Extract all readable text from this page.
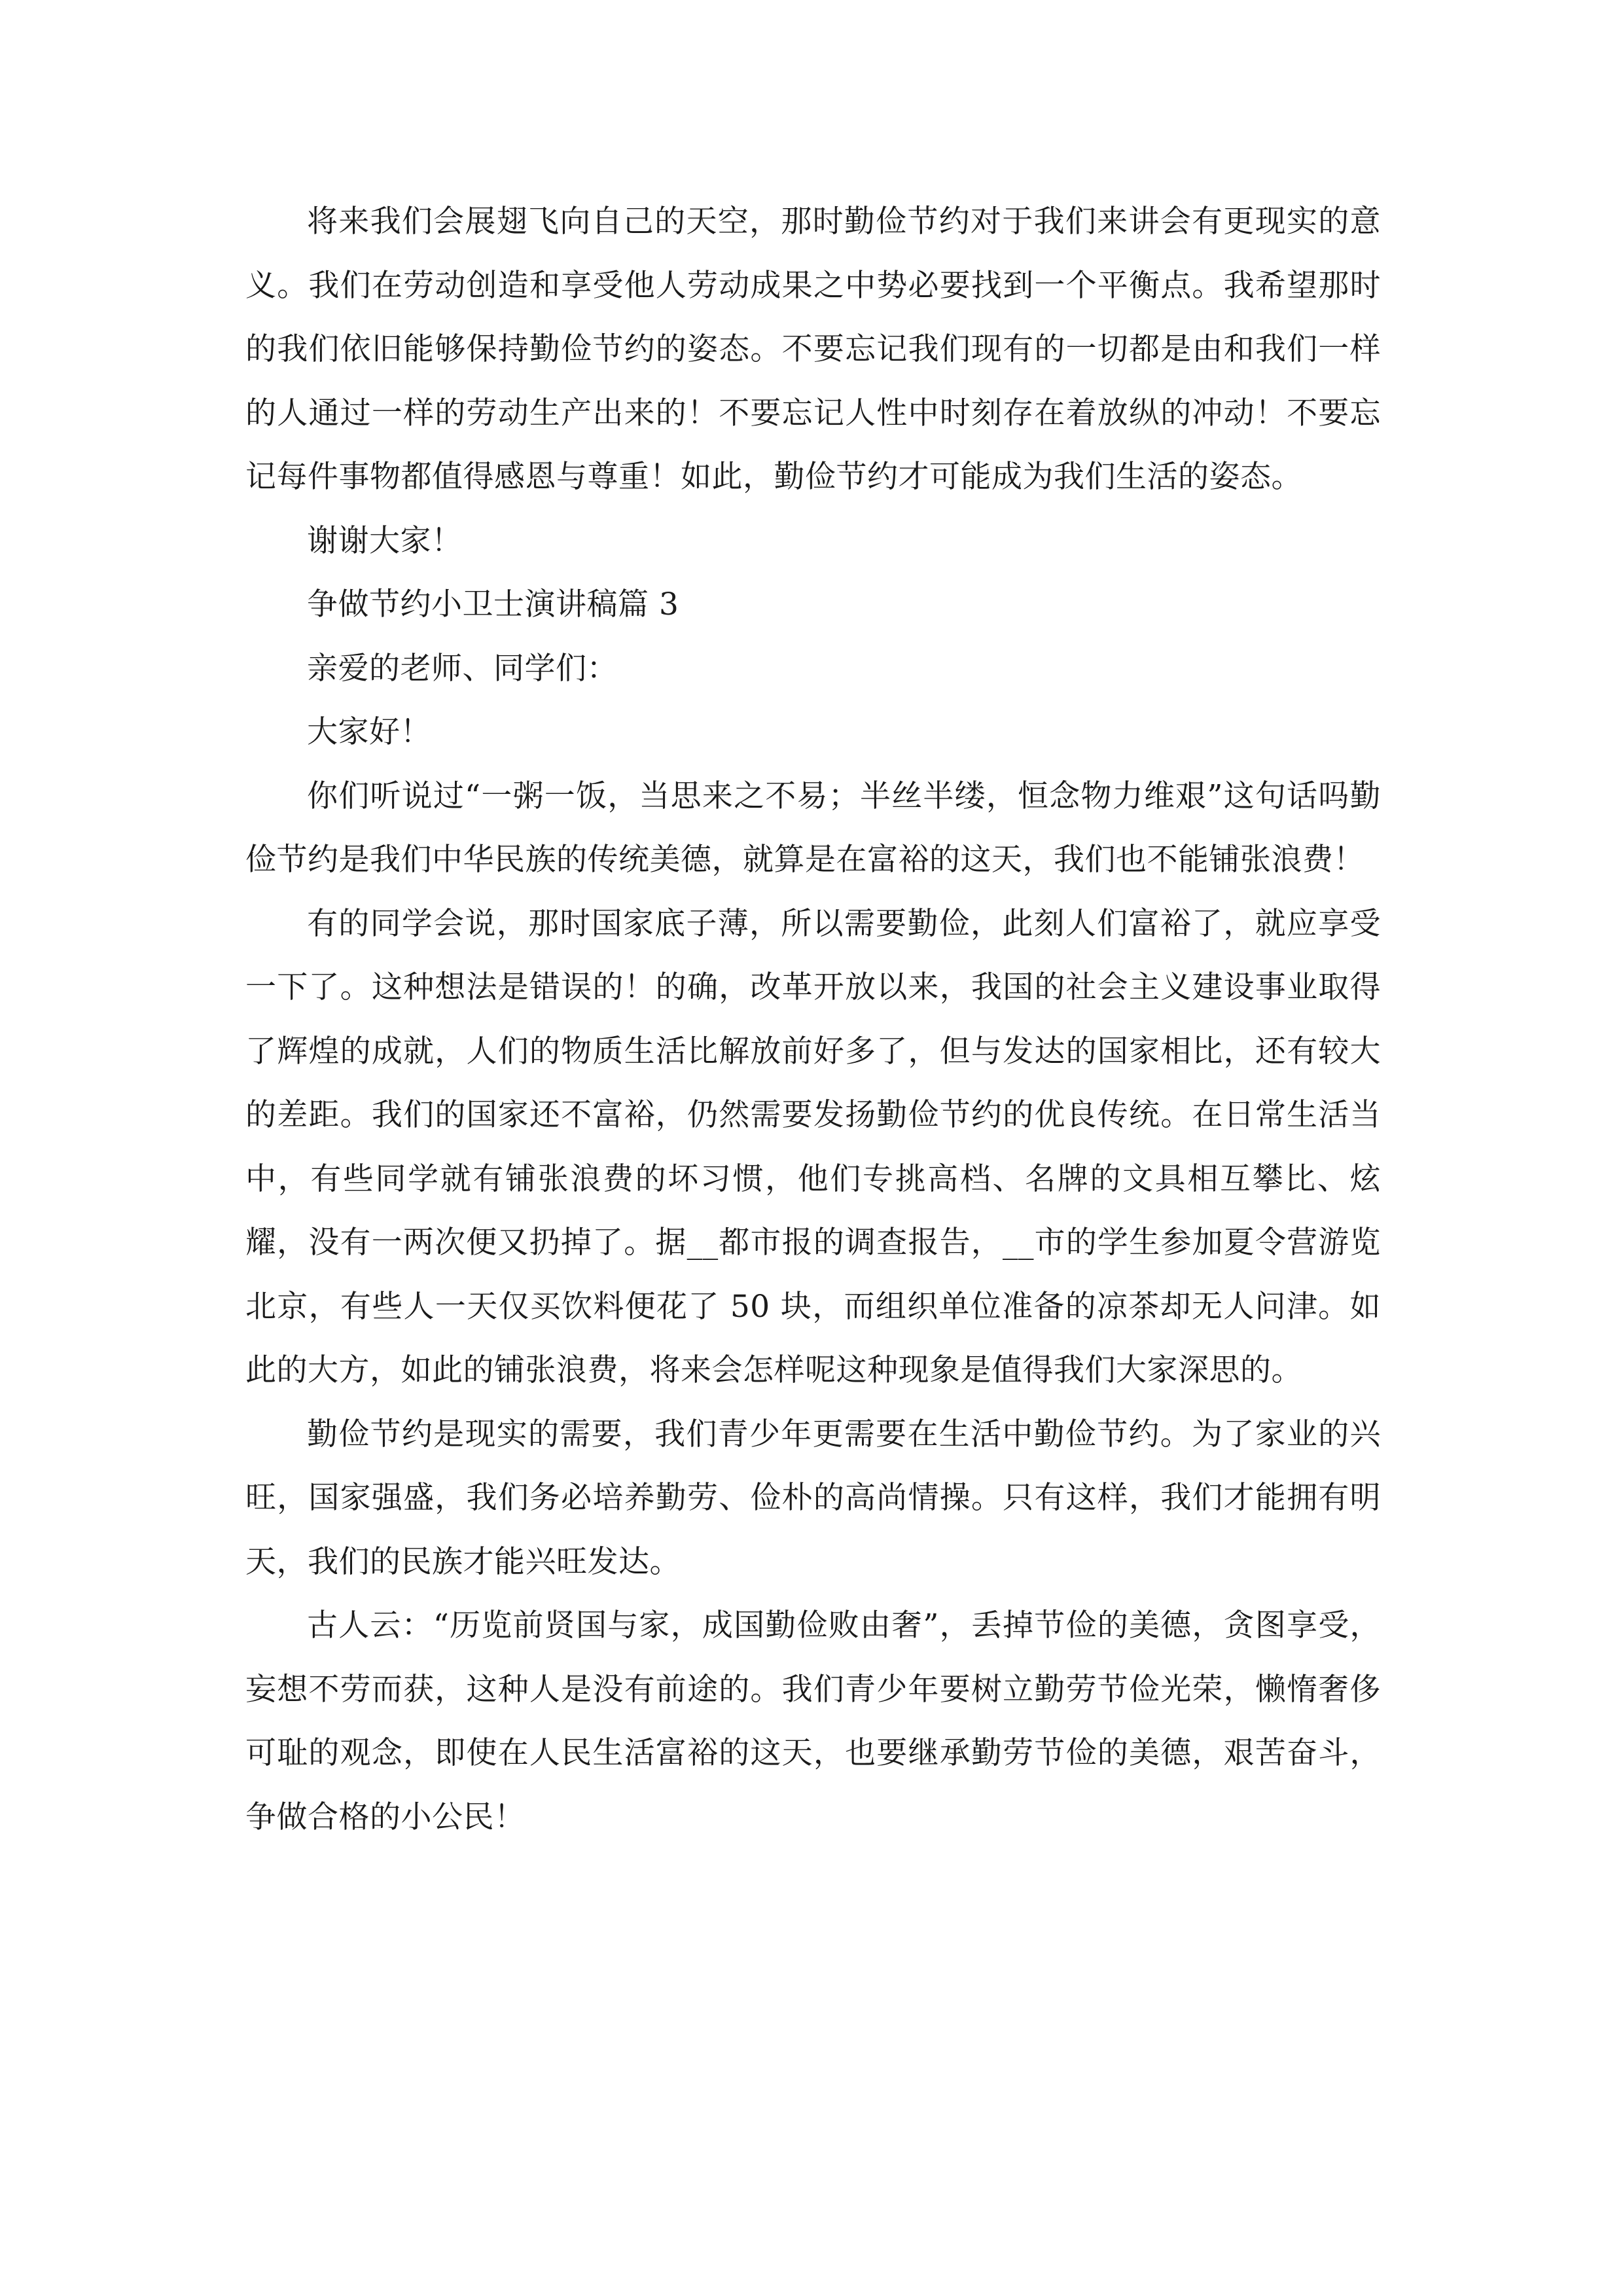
将来我们会展翅飞向自己的天空，那时勤俭节约对于我们来讲会有更现实的意义。我们在劳动创造和享受他人劳动成果之中势必要找到一个平衡点。我希望那时的我们依旧能够保持勤俭节约的姿态。不要忘记我们现有的一切都是由和我们一样的人通过一样的劳动生产出来的！不要忘记人性中时刻存在着放纵的冲动！不要忘记每件事物都值得感恩与尊重！如此，勤俭节约才可能成为我们生活的姿态。

谢谢大家！

争做节约小卫士演讲稿篇 3

亲爱的老师、同学们：

大家好！

你们听说过“一粥一饭，当思来之不易；半丝半缕，恒念物力维艰”这句话吗勤俭节约是我们中华民族的传统美德，就算是在富裕的这天，我们也不能铺张浪费！

有的同学会说，那时国家底子薄，所以需要勤俭，此刻人们富裕了，就应享受一下了。这种想法是错误的！的确，改革开放以来，我国的社会主义建设事业取得了辉煌的成就，人们的物质生活比解放前好多了，但与发达的国家相比，还有较大的差距。我们的国家还不富裕，仍然需要发扬勤俭节约的优良传统。在日常生活当中，有些同学就有铺张浪费的坏习惯，他们专挑高档、名牌的文具相互攀比、炫耀，没有一两次便又扔掉了。据__都市报的调查报告，__市的学生参加夏令营游览北京，有些人一天仅买饮料便花了 50 块，而组织单位准备的凉茶却无人问津。如此的大方，如此的铺张浪费，将来会怎样呢这种现象是值得我们大家深思的。

勤俭节约是现实的需要，我们青少年更需要在生活中勤俭节约。为了家业的兴旺，国家强盛，我们务必培养勤劳、俭朴的高尚情操。只有这样，我们才能拥有明天，我们的民族才能兴旺发达。

古人云：“历览前贤国与家，成国勤俭败由奢”，丢掉节俭的美德，贪图享受，妄想不劳而获，这种人是没有前途的。我们青少年要树立勤劳节俭光荣，懒惰奢侈可耻的观念，即使在人民生活富裕的这天，也要继承勤劳节俭的美德，艰苦奋斗，争做合格的小公民！
